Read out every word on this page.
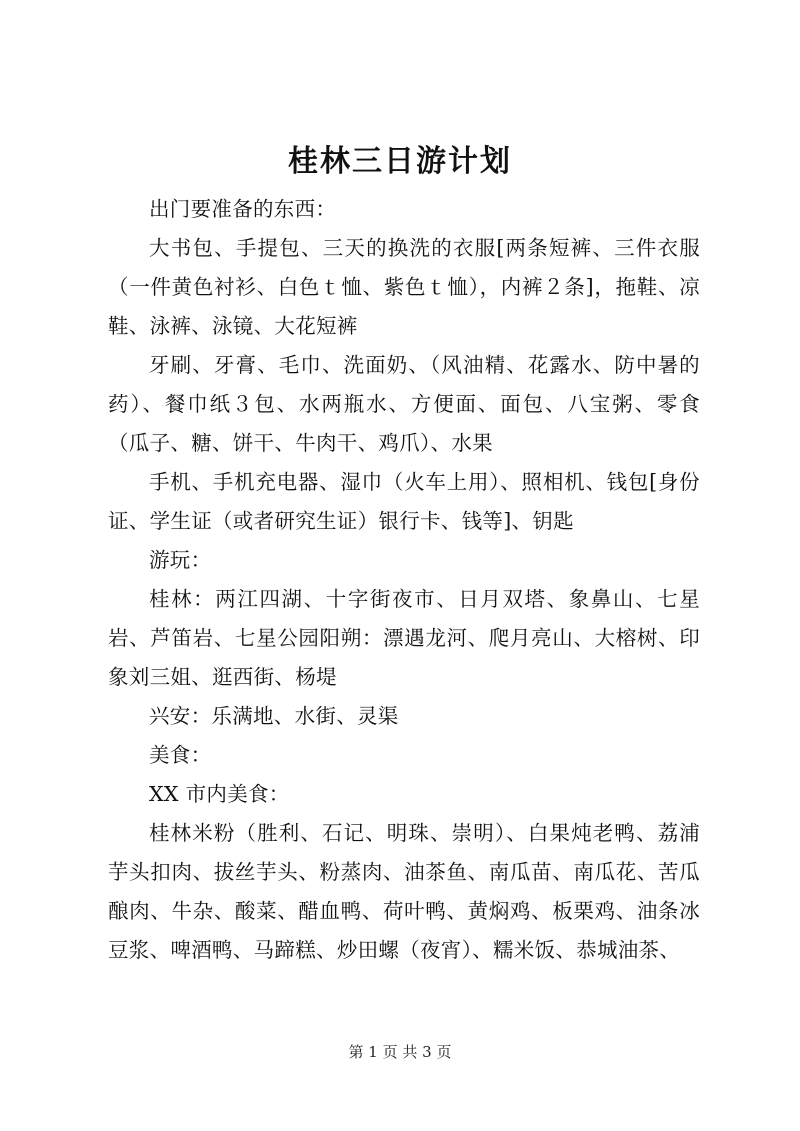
桂林三日游计划

出门要准备的东西：

大书包、手提包、三天的换洗的衣服[两条短裤、三件衣服（一件黄色衬衫、白色ｔ恤、紫色ｔ恤），内裤２条]，拖鞋、凉鞋、泳裤、泳镜、大花短裤

牙刷、牙膏、毛巾、洗面奶、（风油精、花露水、防中暑的药）、餐巾纸３包、水两瓶水、方便面、面包、八宝粥、零食（瓜子、糖、饼干、牛肉干、鸡爪）、水果

手机、手机充电器、湿巾（火车上用）、照相机、钱包[身份证、学生证（或者研究生证）银行卡、钱等]、钥匙

游玩：

桂林：两江四湖、十字街夜市、日月双塔、象鼻山、七星岩、芦笛岩、七星公园阳朔：漂遇龙河、爬月亮山、大榕树、印象刘三姐、逛西街、杨堤

兴安：乐满地、水街、灵渠

美食：

XX 市内美食：

桂林米粉（胜利、石记、明珠、崇明）、白果炖老鸭、荔浦芋头扣肉、拔丝芋头、粉蒸肉、油茶鱼、南瓜苗、南瓜花、苦瓜酿肉、牛杂、酸菜、醋血鸭、荷叶鸭、黄焖鸡、板栗鸡、油条冰豆浆、啤酒鸭、马蹄糕、炒田螺（夜宵）、糯米饭、恭城油茶、

第 1 页 共 3 页
